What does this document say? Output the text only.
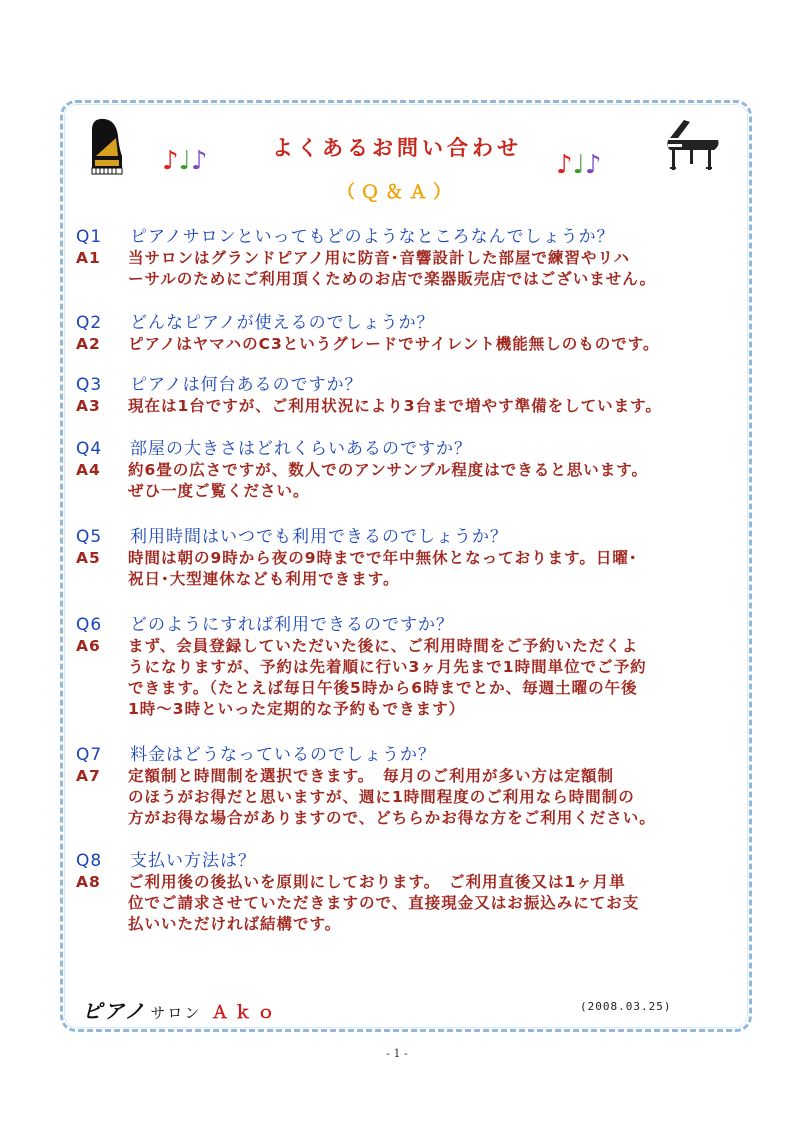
♪♩♪	♪♩♪
よくあるお問い合わせ
（Ｑ＆Ａ）
Q1 ピアノサロンといってもどのようなところなんでしょうか？
A1	当サロンはグランドピアノ用に防音･音響設計した部屋で練習やリハ
ーサルのためにご利用頂くためのお店で楽器販売店ではございません。
Q2 どんなピアノが使えるのでしょうか？
A2	ピアノはヤマハのC3というグレードでサイレント機能無しのものです。
Q3 ピアノは何台あるのですか？
A3	現在は1台ですが、ご利用状況により3台まで増やす準備をしています。
Q4 部屋の大きさはどれくらいあるのですか？
A4	約6畳の広さですが、数人でのアンサンブル程度はできると思います。
ぜひ一度ご覧ください。
Q5 利用時間はいつでも利用できるのでしょうか？
A5	時間は朝の9時から夜の9時までで年中無休となっております。日曜･
祝日･大型連休なども利用できます。
Q6 どのようにすれば利用できるのですか？
A6	まず、会員登録していただいた後に、ご利用時間をご予約いただくよ
うになりますが、予約は先着順に行い3ヶ月先まで1時間単位でご予約
できます。（たとえば毎日午後5時から6時までとか、毎週土曜の午後
1時～3時といった定期的な予約もできます）
Q7 料金はどうなっているのでしょうか？
A7	定額制と時間制を選択できます。　毎月のご利用が多い方は定額制
のほうがお得だと思いますが、週に1時間程度のご利用なら時間制の
方がお得な場合がありますので、どちらかお得な方をご利用ください。
Q8 支払い方法は？
A8	ご利用後の後払いを原則にしております。　ご利用直後又は1ヶ月単
位でご請求させていただきますので、直接現金又はお振込みにてお支
払いいただければ結構です。
ピアノ サロン Ａｋｏ	(2008.03.25)
- 1 -
